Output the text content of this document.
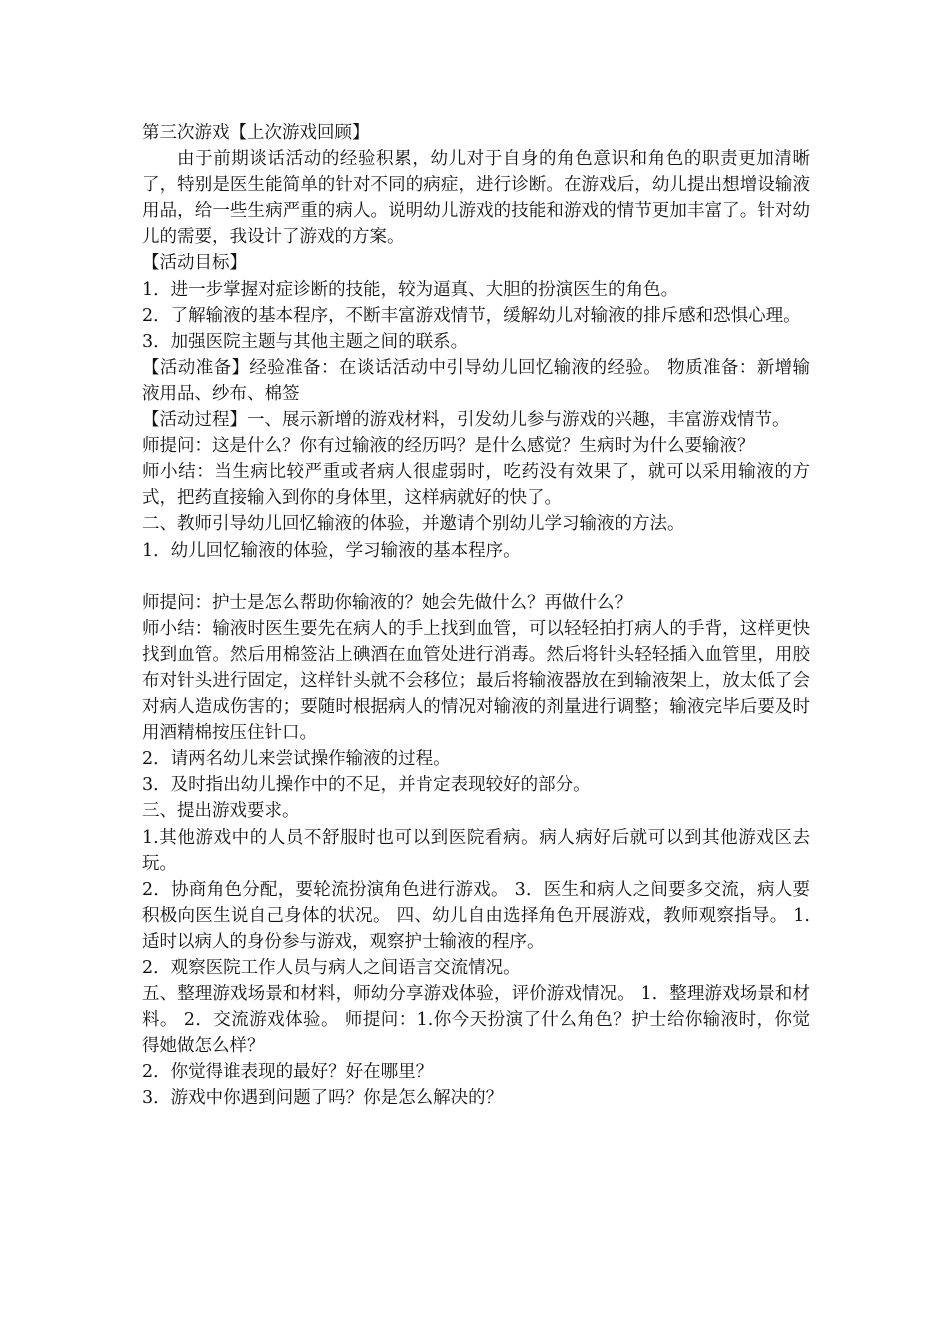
第三次游戏【上次游戏回顾】

由于前期谈话活动的经验积累，幼儿对于自身的角色意识和角色的职责更加清晰了，特别是医生能简单的针对不同的病症，进行诊断。在游戏后，幼儿提出想增设输液用品，给一些生病严重的病人。说明幼儿游戏的技能和游戏的情节更加丰富了。针对幼儿的需要，我设计了游戏的方案。

【活动目标】

1．进一步掌握对症诊断的技能，较为逼真、大胆的扮演医生的角色。

2．了解输液的基本程序，不断丰富游戏情节，缓解幼儿对输液的排斥感和恐惧心理。

3．加强医院主题与其他主题之间的联系。

【活动准备】经验准备：在谈话活动中引导幼儿回忆输液的经验。 物质准备：新增输液用品、纱布、棉签

【活动过程】一、展示新增的游戏材料，引发幼儿参与游戏的兴趣，丰富游戏情节。

师提问：这是什么？你有过输液的经历吗？是什么感觉？生病时为什么要输液？

师小结：当生病比较严重或者病人很虚弱时，吃药没有效果了，就可以采用输液的方式，把药直接输入到你的身体里，这样病就好的快了。

二、教师引导幼儿回忆输液的体验，并邀请个别幼儿学习输液的方法。

1．幼儿回忆输液的体验，学习输液的基本程序。

师提问：护士是怎么帮助你输液的？她会先做什么？再做什么？

师小结：输液时医生要先在病人的手上找到血管，可以轻轻拍打病人的手背，这样更快找到血管。然后用棉签沾上碘酒在血管处进行消毒。然后将针头轻轻插入血管里，用胶布对针头进行固定，这样针头就不会移位；最后将输液器放在到输液架上，放太低了会对病人造成伤害的；要随时根据病人的情况对输液的剂量进行调整；输液完毕后要及时用酒精棉按压住针口。

2．请两名幼儿来尝试操作输液的过程。

3．及时指出幼儿操作中的不足，并肯定表现较好的部分。

三、提出游戏要求。

1.其他游戏中的人员不舒服时也可以到医院看病。病人病好后就可以到其他游戏区去玩。

2．协商角色分配，要轮流扮演角色进行游戏。 3．医生和病人之间要多交流，病人要积极向医生说自己身体的状况。 四、幼儿自由选择角色开展游戏，教师观察指导。 1.适时以病人的身份参与游戏，观察护士输液的程序。

2．观察医院工作人员与病人之间语言交流情况。

五、整理游戏场景和材料，师幼分享游戏体验，评价游戏情况。 1．整理游戏场景和材料。 2．交流游戏体验。 师提问：1.你今天扮演了什么角色？护士给你输液时，你觉得她做怎么样？

2．你觉得谁表现的最好？好在哪里？

3．游戏中你遇到问题了吗？你是怎么解决的？
